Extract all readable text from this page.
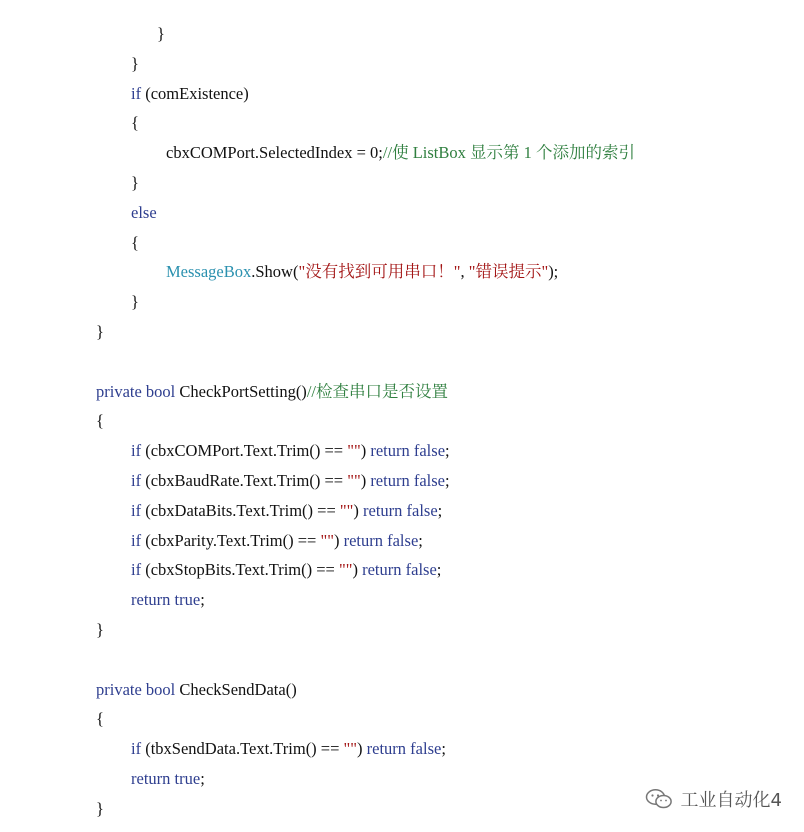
}
}
if (comExistence)
{
cbxCOMPort.SelectedIndex = 0;//使 ListBox 显示第 1 个添加的索引
}
else
{
MessageBox.Show("没有找到可用串口！", "错误提示");
}
}
private bool CheckPortSetting()//检查串口是否设置
{
if (cbxCOMPort.Text.Trim() == "") return false;
if (cbxBaudRate.Text.Trim() == "") return false;
if (cbxDataBits.Text.Trim() == "") return false;
if (cbxParity.Text.Trim() == "") return false;
if (cbxStopBits.Text.Trim() == "") return false;
return true;
}
private bool CheckSendData()
{
if (tbxSendData.Text.Trim() == "") return false;
return true;
}	工业自动化4
